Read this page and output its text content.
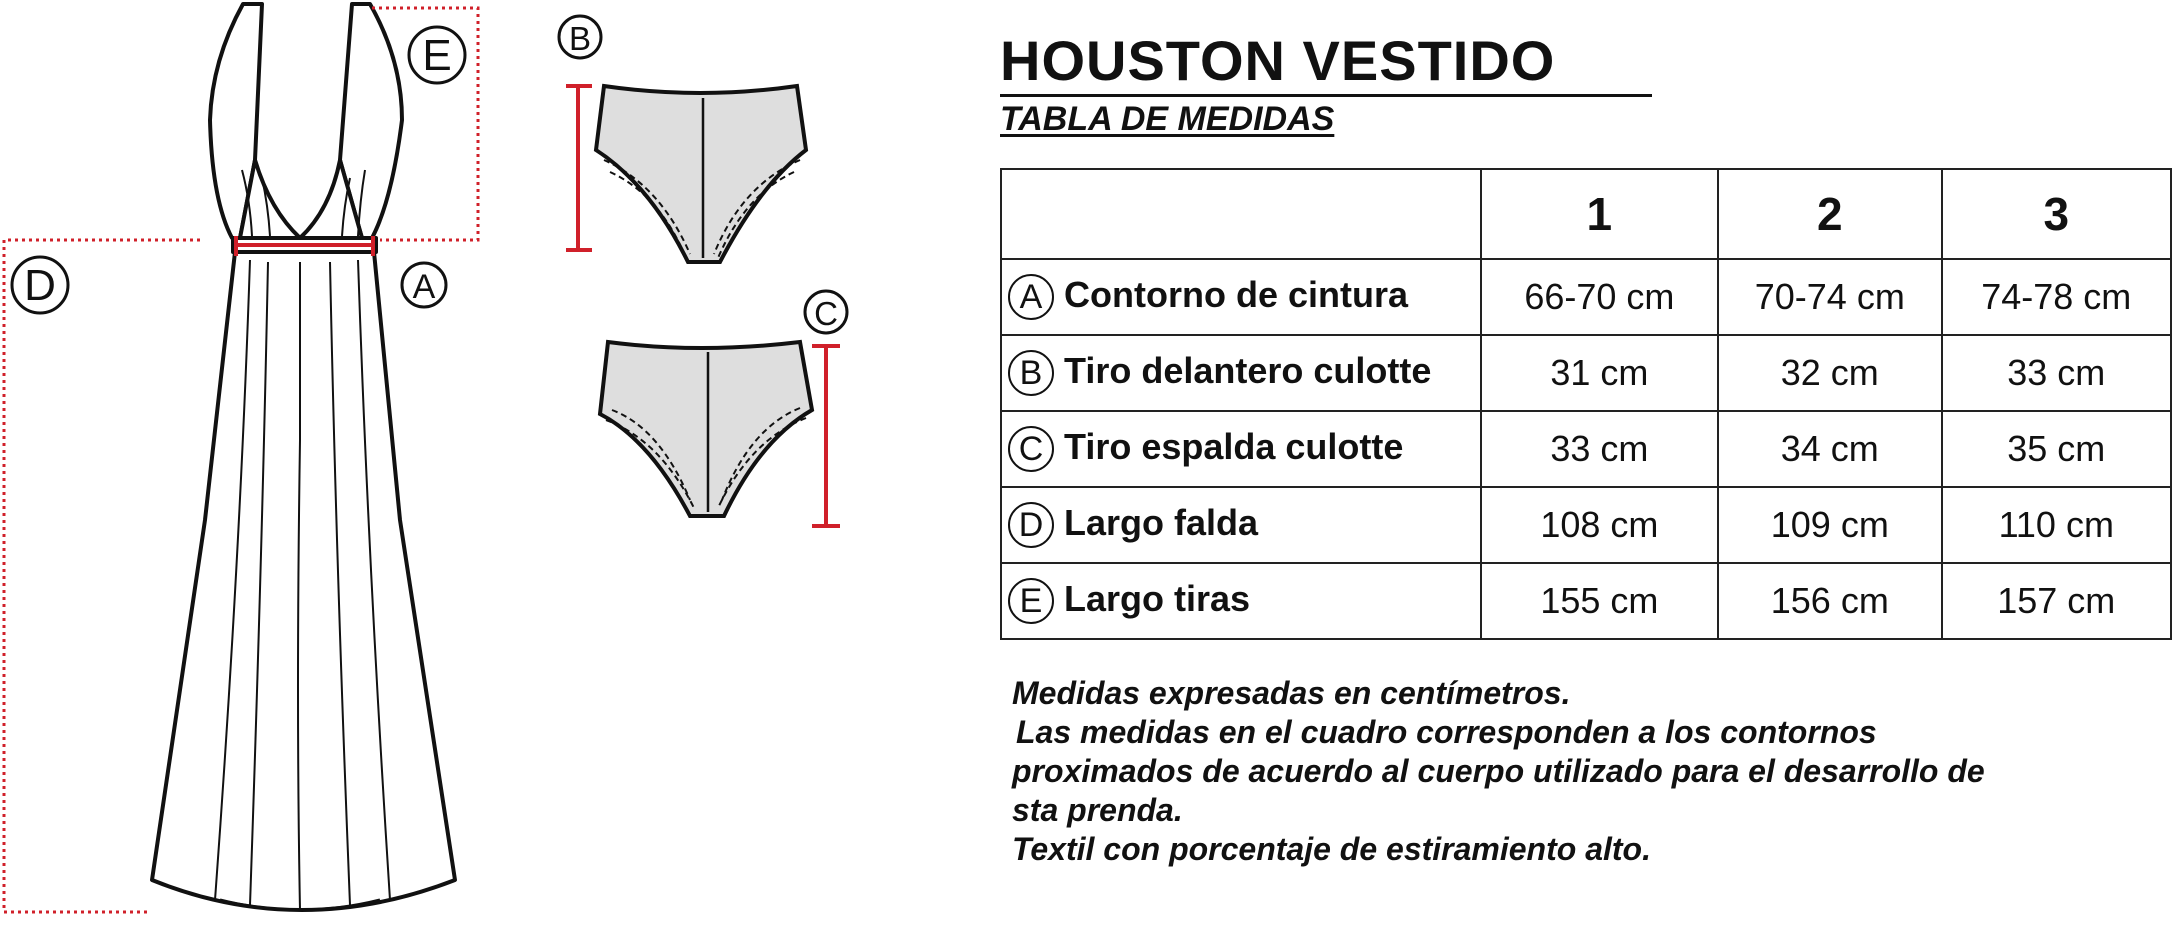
E
D	A
B
C
HOUSTON VESTIDO
TABLA DE MEDIDAS
	1	2	3
A Contorno de cintura	66-70 cm	70-74 cm	74-78 cm
B Tiro delantero culotte	31 cm	32 cm	33 cm
C Tiro espalda culotte	33 cm	34 cm	35 cm
D Largo falda	108 cm	109 cm	110 cm
E Largo tiras	155 cm	156 cm	157 cm

Medidas expresadas en centímetros.

Las medidas en el cuadro corresponden a los contornos

proximados de acuerdo al cuerpo utilizado para el desarrollo de

sta prenda.

Textil con porcentaje de estiramiento alto.
